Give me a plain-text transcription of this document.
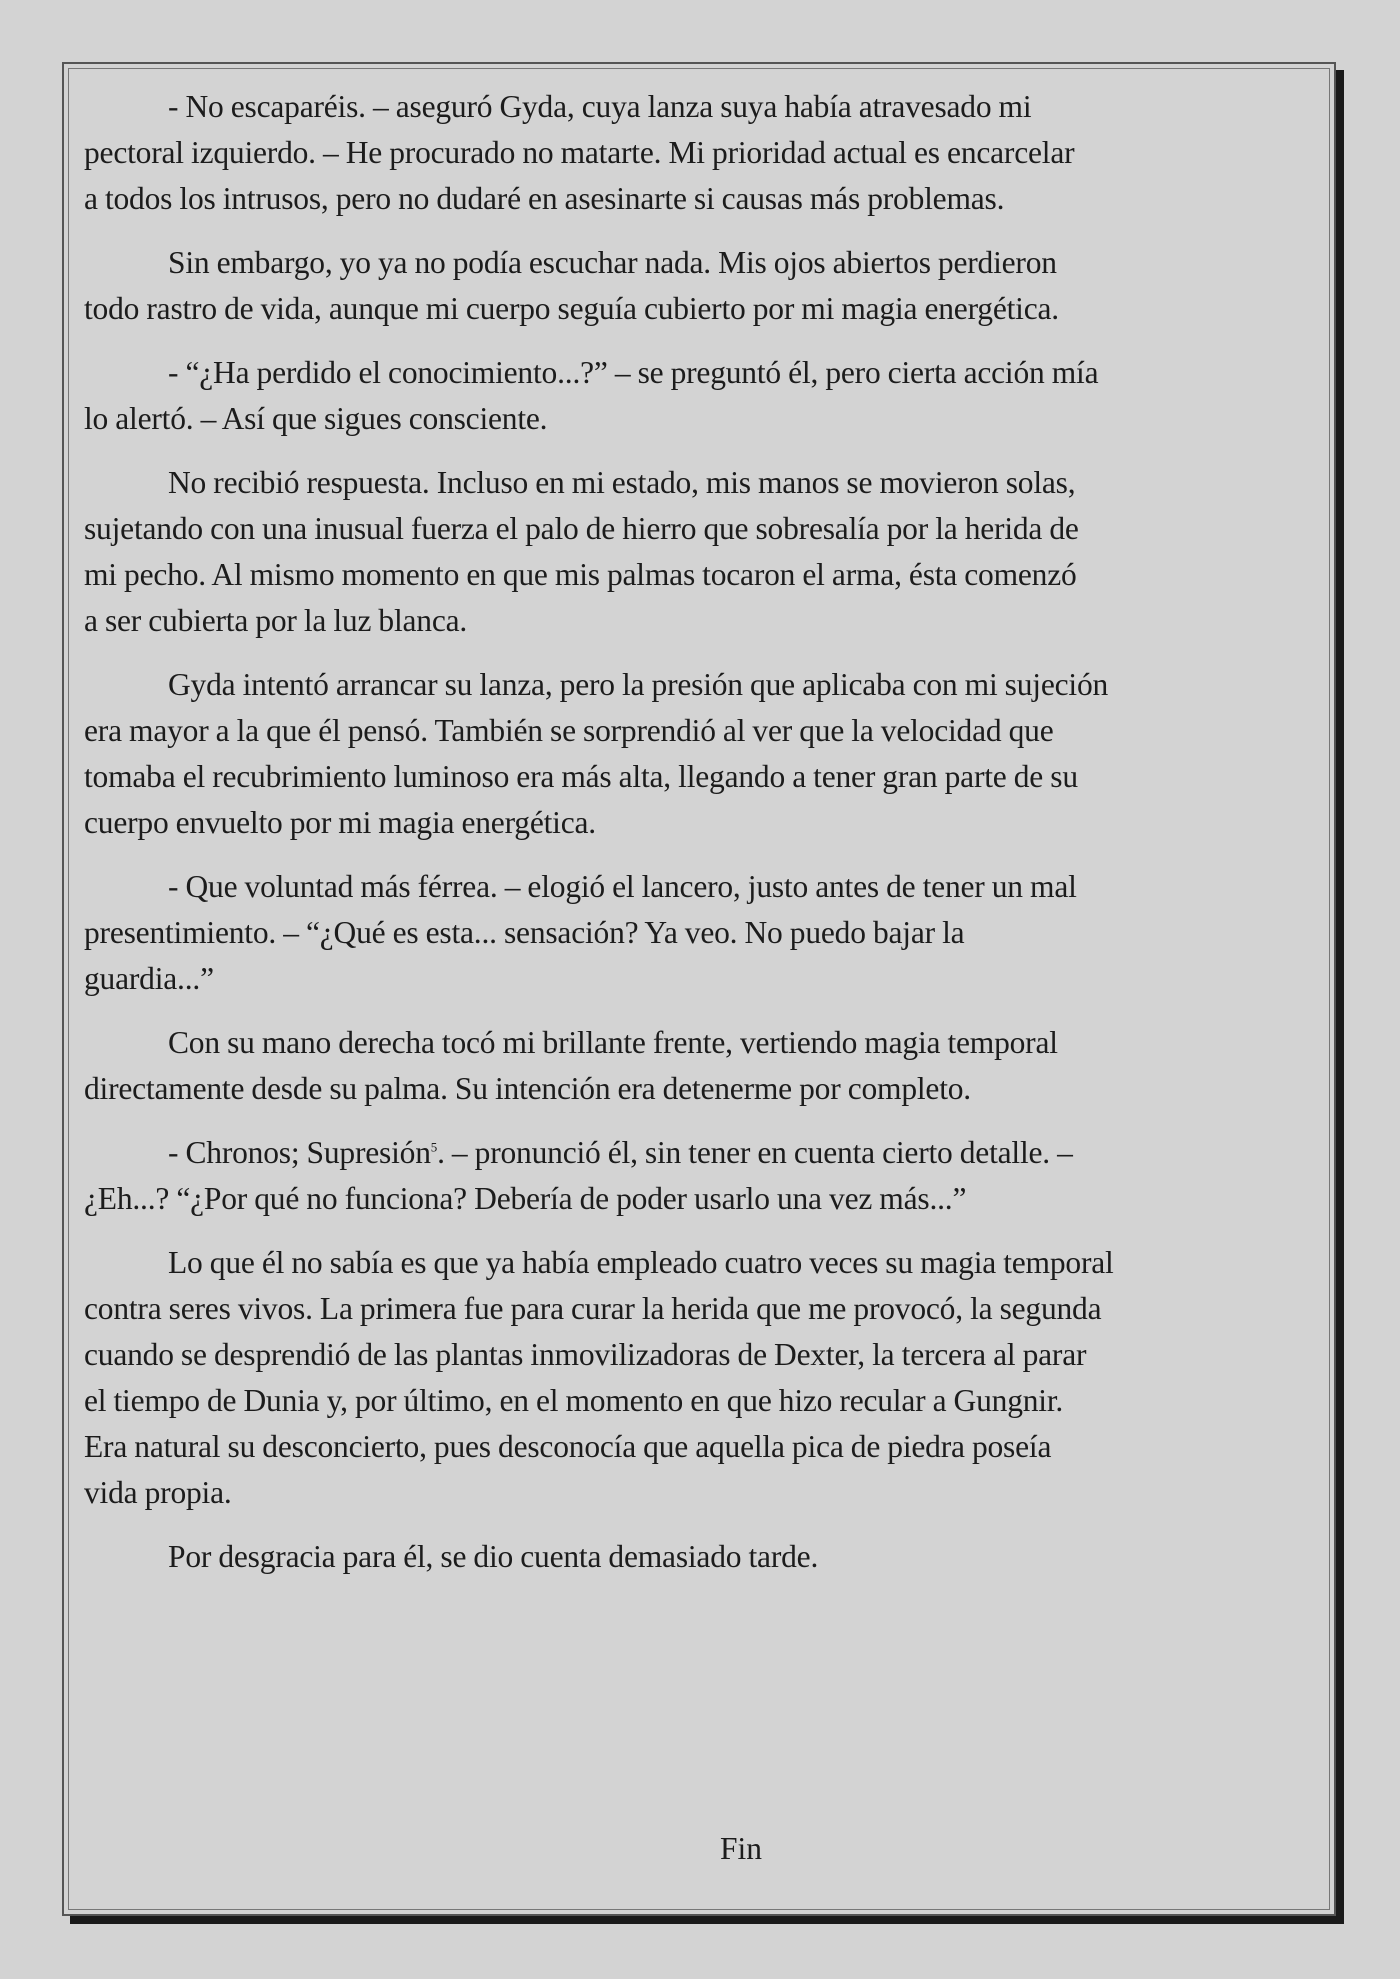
- No escaparéis. – aseguró Gyda, cuya lanza suya había atravesado mipectoral izquierdo. – He procurado no matarte. Mi prioridad actual es encarcelara todos los intrusos, pero no dudaré en asesinarte si causas más problemas.

Sin embargo, yo ya no podía escuchar nada. Mis ojos abiertos perdierontodo rastro de vida, aunque mi cuerpo seguía cubierto por mi magia energética.

- “¿Ha perdido el conocimiento...?” – se preguntó él, pero cierta acción míalo alertó. – Así que sigues consciente.

No recibió respuesta. Incluso en mi estado, mis manos se movieron solas,sujetando con una inusual fuerza el palo de hierro que sobresalía por la herida demi pecho. Al mismo momento en que mis palmas tocaron el arma, ésta comenzóa ser cubierta por la luz blanca.

Gyda intentó arrancar su lanza, pero la presión que aplicaba con mi sujeciónera mayor a la que él pensó. También se sorprendió al ver que la velocidad quetomaba el recubrimiento luminoso era más alta, llegando a tener gran parte de sucuerpo envuelto por mi magia energética.

- Que voluntad más férrea. – elogió el lancero, justo antes de tener un malpresentimiento. – “¿Qué es esta... sensación? Ya veo. No puedo bajar laguardia...”

Con su mano derecha tocó mi brillante frente, vertiendo magia temporaldirectamente desde su palma. Su intención era detenerme por completo.

- Chronos; Supresión$^5$. – pronunció él, sin tener en cuenta cierto detalle. –¿Eh...? “¿Por qué no funciona? Debería de poder usarlo una vez más...”

Lo que él no sabía es que ya había empleado cuatro veces su magia temporalcontra seres vivos. La primera fue para curar la herida que me provocó, la segundacuando se desprendió de las plantas inmovilizadoras de Dexter, la tercera al pararel tiempo de Dunia y, por último, en el momento en que hizo recular a Gungnir.Era natural su desconcierto, pues desconocía que aquella pica de piedra poseíavida propia.

Por desgracia para él, se dio cuenta demasiado tarde.

Fin
